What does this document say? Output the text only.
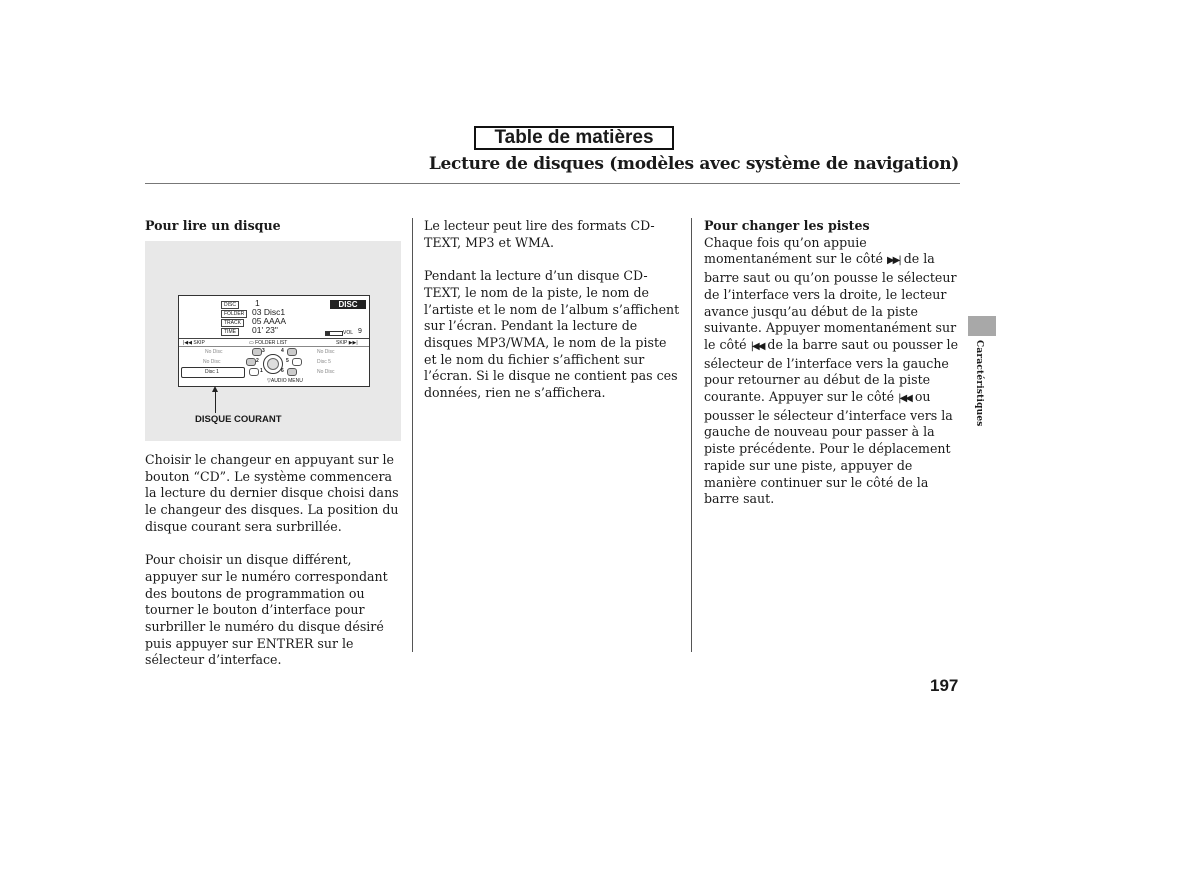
Table de matières
Lecture de disques (modèles avec système de navigation)

Pour lire un disque

DISC	1	DISC
FOLDER 03 Disc1
TRACK	05 AAAA
TIME	01' 23"	VOL 9
|◀◀ SKIP	▭ FOLDER LIST	SKIP ▶▶|
No Disc	3	4	No Disc
No Disc	2	5	Disc 5
Disc 1	1	6	No Disc
▽AUDIO MENU
DISQUE COURANT

Choisir le changeur en appuyant sur le bouton “CD”. Le système commencera la lecture du dernier disque choisi dans le changeur des disques. La position du disque courant sera surbrillée.

Pour choisir un disque différent, appuyer sur le numéro correspondant des boutons de programmation ou tourner le bouton d’interface pour surbriller le numéro du disque désiré puis appuyer sur ENTRER sur le sélecteur d’interface.

Le lecteur peut lire des formats CD-TEXT, MP3 et WMA.

Pendant la lecture d’un disque CD-TEXT, le nom de la piste, le nom de l’artiste et le nom de l’album s’affichent sur l’écran. Pendant la lecture de disques MP3/WMA, le nom de la piste et le nom du fichier s’affichent sur l’écran. Si le disque ne contient pas ces données, rien ne s’affichera.

Pour changer les pistes

Chaque fois qu’on appuie momentanément sur le côté ▶▶| de la barre saut ou qu’on pousse le sélecteur de l’interface vers la droite, le lecteur avance jusqu’au début de la piste suivante. Appuyer momentanément sur le côté |◀◀ de la barre saut ou pousser le sélecteur de l’interface vers la gauche pour retourner au début de la piste courante. Appuyer sur le côté |◀◀ ou pousser le sélecteur d’interface vers la gauche de nouveau pour passer à la piste précédente. Pour le déplacement rapide sur une piste, appuyer de manière continuer sur le côté de la barre saut.

Caractéristiques
197
